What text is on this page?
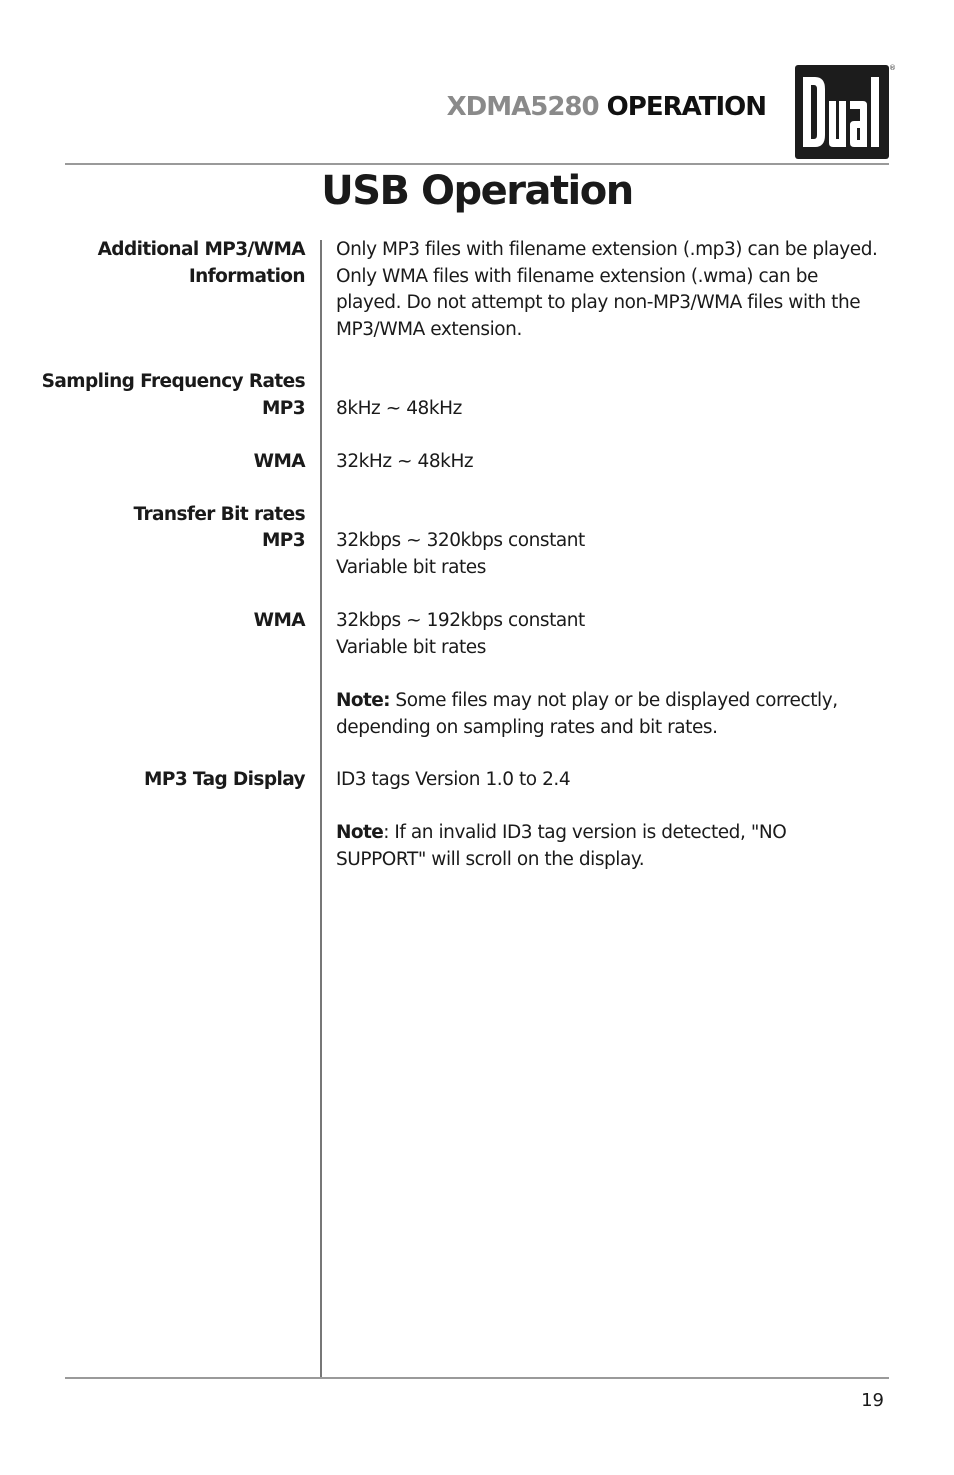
XDMA5280 OPERATION
®
USB Operation
Additional MP3/WMA
Information
Only MP3 files with filename extension (.mp3) can be played.
Only WMA files with filename extension (.wma) can be
played. Do not attempt to play non-MP3/WMA files with the
MP3/WMA extension.
Sampling Frequency Rates
MP3 8kHz ~ 48kHz
WMA 32kHz ~ 48kHz
Transfer Bit rates
MP3 32kbps ~ 320kbps constant
Variable bit rates
WMA 32kbps ~ 192kbps constant
Variable bit rates
Note: Some files may not play or be displayed correctly,
depending on sampling rates and bit rates.
MP3 Tag Display ID3 tags Version 1.0 to 2.4
Note: If an invalid ID3 tag version is detected, "NO
SUPPORT" will scroll on the display.
19
